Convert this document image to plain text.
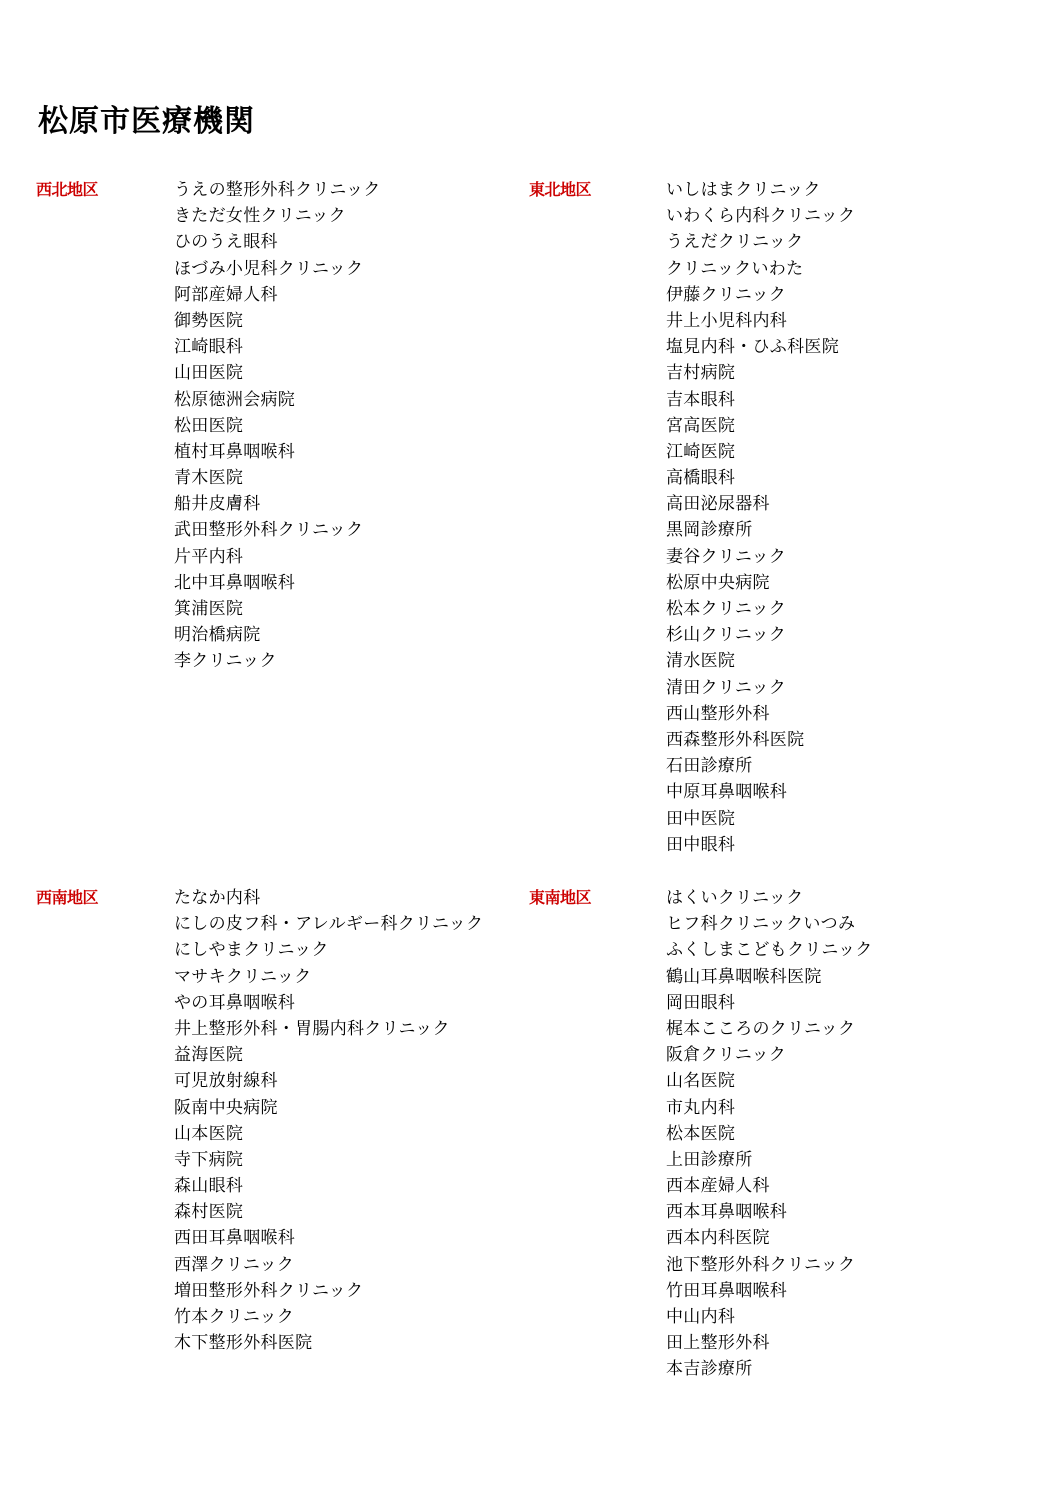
松原市医療機関
西北地区	うえの整形外科クリニック
きただ女性クリニック
ひのうえ眼科
ほづみ小児科クリニック
阿部産婦人科
御勢医院
江崎眼科
山田医院
松原徳洲会病院
松田医院
植村耳鼻咽喉科
青木医院
船井皮膚科
武田整形外科クリニック
片平内科
北中耳鼻咽喉科
箕浦医院
明治橋病院
李クリニック
東北地区	いしはまクリニック
いわくら内科クリニック
うえだクリニック
クリニックいわた
伊藤クリニック
井上小児科内科
塩見内科・ひふ科医院
吉村病院
吉本眼科
宮高医院
江崎医院
高橋眼科
高田泌尿器科
黒岡診療所
妻谷クリニック
松原中央病院
松本クリニック
杉山クリニック
清水医院
清田クリニック
西山整形外科
西森整形外科医院
石田診療所
中原耳鼻咽喉科
田中医院
田中眼科
西南地区	たなか内科
にしの皮フ科・アレルギー科クリニック
にしやまクリニック
マサキクリニック
やの耳鼻咽喉科
井上整形外科・胃腸内科クリニック
益海医院
可児放射線科
阪南中央病院
山本医院
寺下病院
森山眼科
森村医院
西田耳鼻咽喉科
西澤クリニック
増田整形外科クリニック
竹本クリニック
木下整形外科医院
東南地区	はくいクリニック
ヒフ科クリニックいつみ
ふくしまこどもクリニック
鶴山耳鼻咽喉科医院
岡田眼科
梶本こころのクリニック
阪倉クリニック
山名医院
市丸内科
松本医院
上田診療所
西本産婦人科
西本耳鼻咽喉科
西本内科医院
池下整形外科クリニック
竹田耳鼻咽喉科
中山内科
田上整形外科
本吉診療所
